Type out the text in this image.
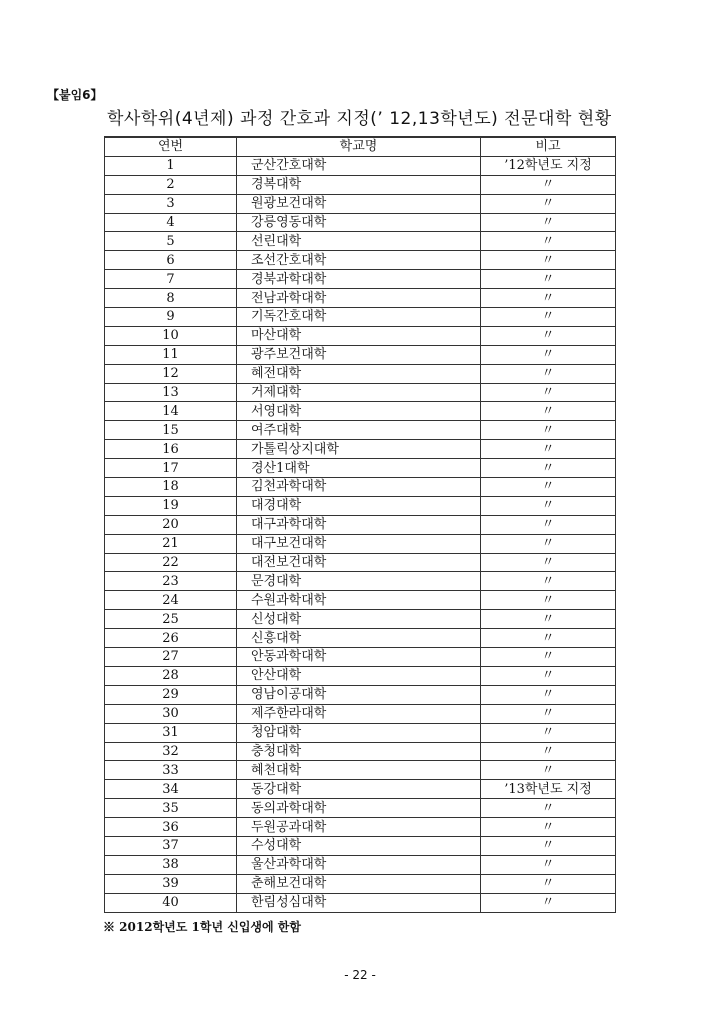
【붙임6】
학사학위(4년제) 과정 간호과 지정(’ 12,13학년도) 전문대학 현황
연번	학교명	비고
1	군산간호대학	’12학년도 지정
2	경복대학	〃
3	원광보건대학	〃
4	강릉영동대학	〃
5	선린대학	〃
6	조선간호대학	〃
7	경북과학대학	〃
8	전남과학대학	〃
9	기독간호대학	〃
10	마산대학	〃
11	광주보건대학	〃
12	혜전대학	〃
13	거제대학	〃
14	서영대학	〃
15	여주대학	〃
16	가톨릭상지대학	〃
17	경산1대학	〃
18	김천과학대학	〃
19	대경대학	〃
20	대구과학대학	〃
21	대구보건대학	〃
22	대전보건대학	〃
23	문경대학	〃
24	수원과학대학	〃
25	신성대학	〃
26	신흥대학	〃
27	안동과학대학	〃
28	안산대학	〃
29	영남이공대학	〃
30	제주한라대학	〃
31	청암대학	〃
32	충청대학	〃
33	혜천대학	〃
34	동강대학	’13학년도 지정
35	동의과학대학	〃
36	두원공과대학	〃
37	수성대학	〃
38	울산과학대학	〃
39	춘해보건대학	〃
40	한림성심대학	〃
※ 2012학년도 1학년 신입생에 한함
- 22 -
